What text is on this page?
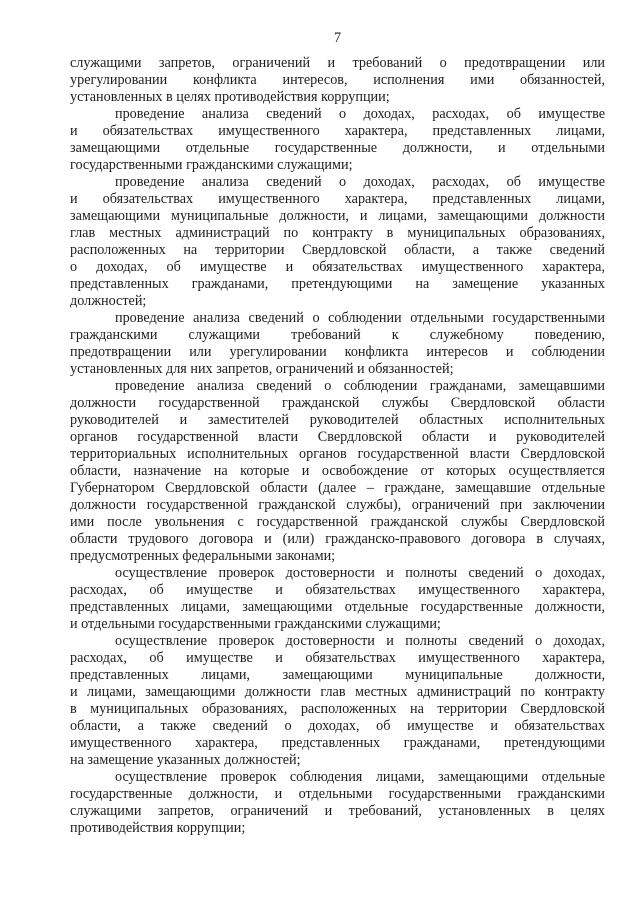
7
служащими запретов, ограничений и требований о предотвращении или
урегулировании конфликта интересов, исполнения ими обязанностей,
установленных в целях противодействия коррупции;
проведение анализа сведений о доходах, расходах, об имуществе
и обязательствах имущественного характера, представленных лицами,
замещающими отдельные государственные должности, и отдельными
государственными гражданскими служащими;
проведение анализа сведений о доходах, расходах, об имуществе
и обязательствах имущественного характера, представленных лицами,
замещающими муниципальные должности, и лицами, замещающими должности
глав местных администраций по контракту в муниципальных образованиях,
расположенных на территории Свердловской области, а также сведений
о доходах, об имуществе и обязательствах имущественного характера,
представленных гражданами, претендующими на замещение указанных
должностей;
проведение анализа сведений о соблюдении отдельными государственными
гражданскими служащими требований к служебному поведению,
предотвращении или урегулировании конфликта интересов и соблюдении
установленных для них запретов, ограничений и обязанностей;
проведение анализа сведений о соблюдении гражданами, замещавшими
должности государственной гражданской службы Свердловской области
руководителей и заместителей руководителей областных исполнительных
органов государственной власти Свердловской области и руководителей
территориальных исполнительных органов государственной власти Свердловской
области, назначение на которые и освобождение от которых осуществляется
Губернатором Свердловской области (далее – граждане, замещавшие отдельные
должности государственной гражданской службы), ограничений при заключении
ими после увольнения с государственной гражданской службы Свердловской
области трудового договора и (или) гражданско-правового договора в случаях,
предусмотренных федеральными законами;
осуществление проверок достоверности и полноты сведений о доходах,
расходах, об имуществе и обязательствах имущественного характера,
представленных лицами, замещающими отдельные государственные должности,
и отдельными государственными гражданскими служащими;
осуществление проверок достоверности и полноты сведений о доходах,
расходах, об имуществе и обязательствах имущественного характера,
представленных лицами, замещающими муниципальные должности,
и лицами, замещающими должности глав местных администраций по контракту
в муниципальных образованиях, расположенных на территории Свердловской
области, а также сведений о доходах, об имуществе и обязательствах
имущественного характера, представленных гражданами, претендующими
на замещение указанных должностей;
осуществление проверок соблюдения лицами, замещающими отдельные
государственные должности, и отдельными государственными гражданскими
служащими запретов, ограничений и требований, установленных в целях
противодействия коррупции;
